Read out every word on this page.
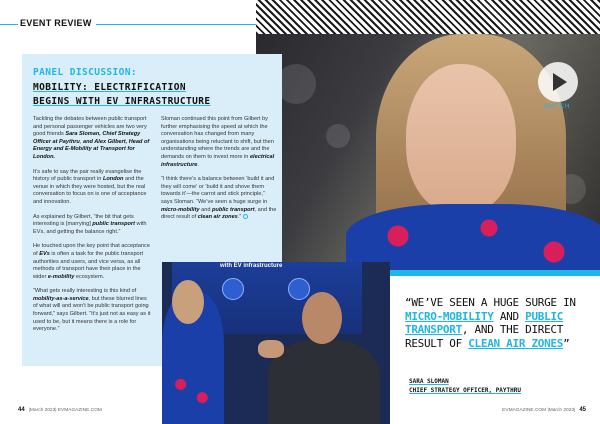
EVENT REVIEW
WATCH
PANEL DISCUSSION:
MOBILITY: ELECTRIFICATION
BEGINS WITH EV INFRASTRUCTURE

Tackling the debates between public transport and personal passenger vehicles are two very good friends Sara Sloman, Chief Strategy Officer at Paythru, and Alex Gilbert, Head of Energy and E-Mobility at Transport for London.

It’s safe to say the pair really evangelise the history of public transport in London and the venue in which they were hosted, but the real conversation to focus on is one of acceptance and innovation.

As explained by Gilbert, “the bit that gets interesting is [marrying] public transport with EVs, and getting the balance right.”

He touched upon the key point that acceptance of EVs is often a task for the public transport authorities and users, and vice versa, as all methods of transport have their place in the wider e-mobility ecosystem.

“What gets really interesting is this kind of mobility-as-a-service, but these blurred lines of what will and won’t be public transport going forward,” says Gilbert. “It’s just not as easy as it used to be, but it means there is a role for everyone.”

Sloman continued this point from Gilbert by further emphasising the speed at which the conversation has changed from many organisations being reluctant to shift, but then understanding where the trends are and the demands on them to invest more in electrical infrastructure.

“I think there’s a balance between ‘build it and they will come’ or ‘build it and shove them towards it’—the carrot and stick principle,” says Sloman. “We’ve seen a huge surge in micro-mobility and public transport, and the direct result of clean air zones.”

with EV infrastructure
“WE’VE SEEN A HUGE SURGE IN MICRO-MOBILITY AND PUBLIC TRANSPORT, AND THE DIRECT RESULT OF CLEAN AIR ZONES”
SARA SLOMAN
CHIEF STRATEGY OFFICER, PAYTHRU
44 |March 2023| EVMAGAZINE.COM	EVMAGAZINE.COM |March 2023| 45
